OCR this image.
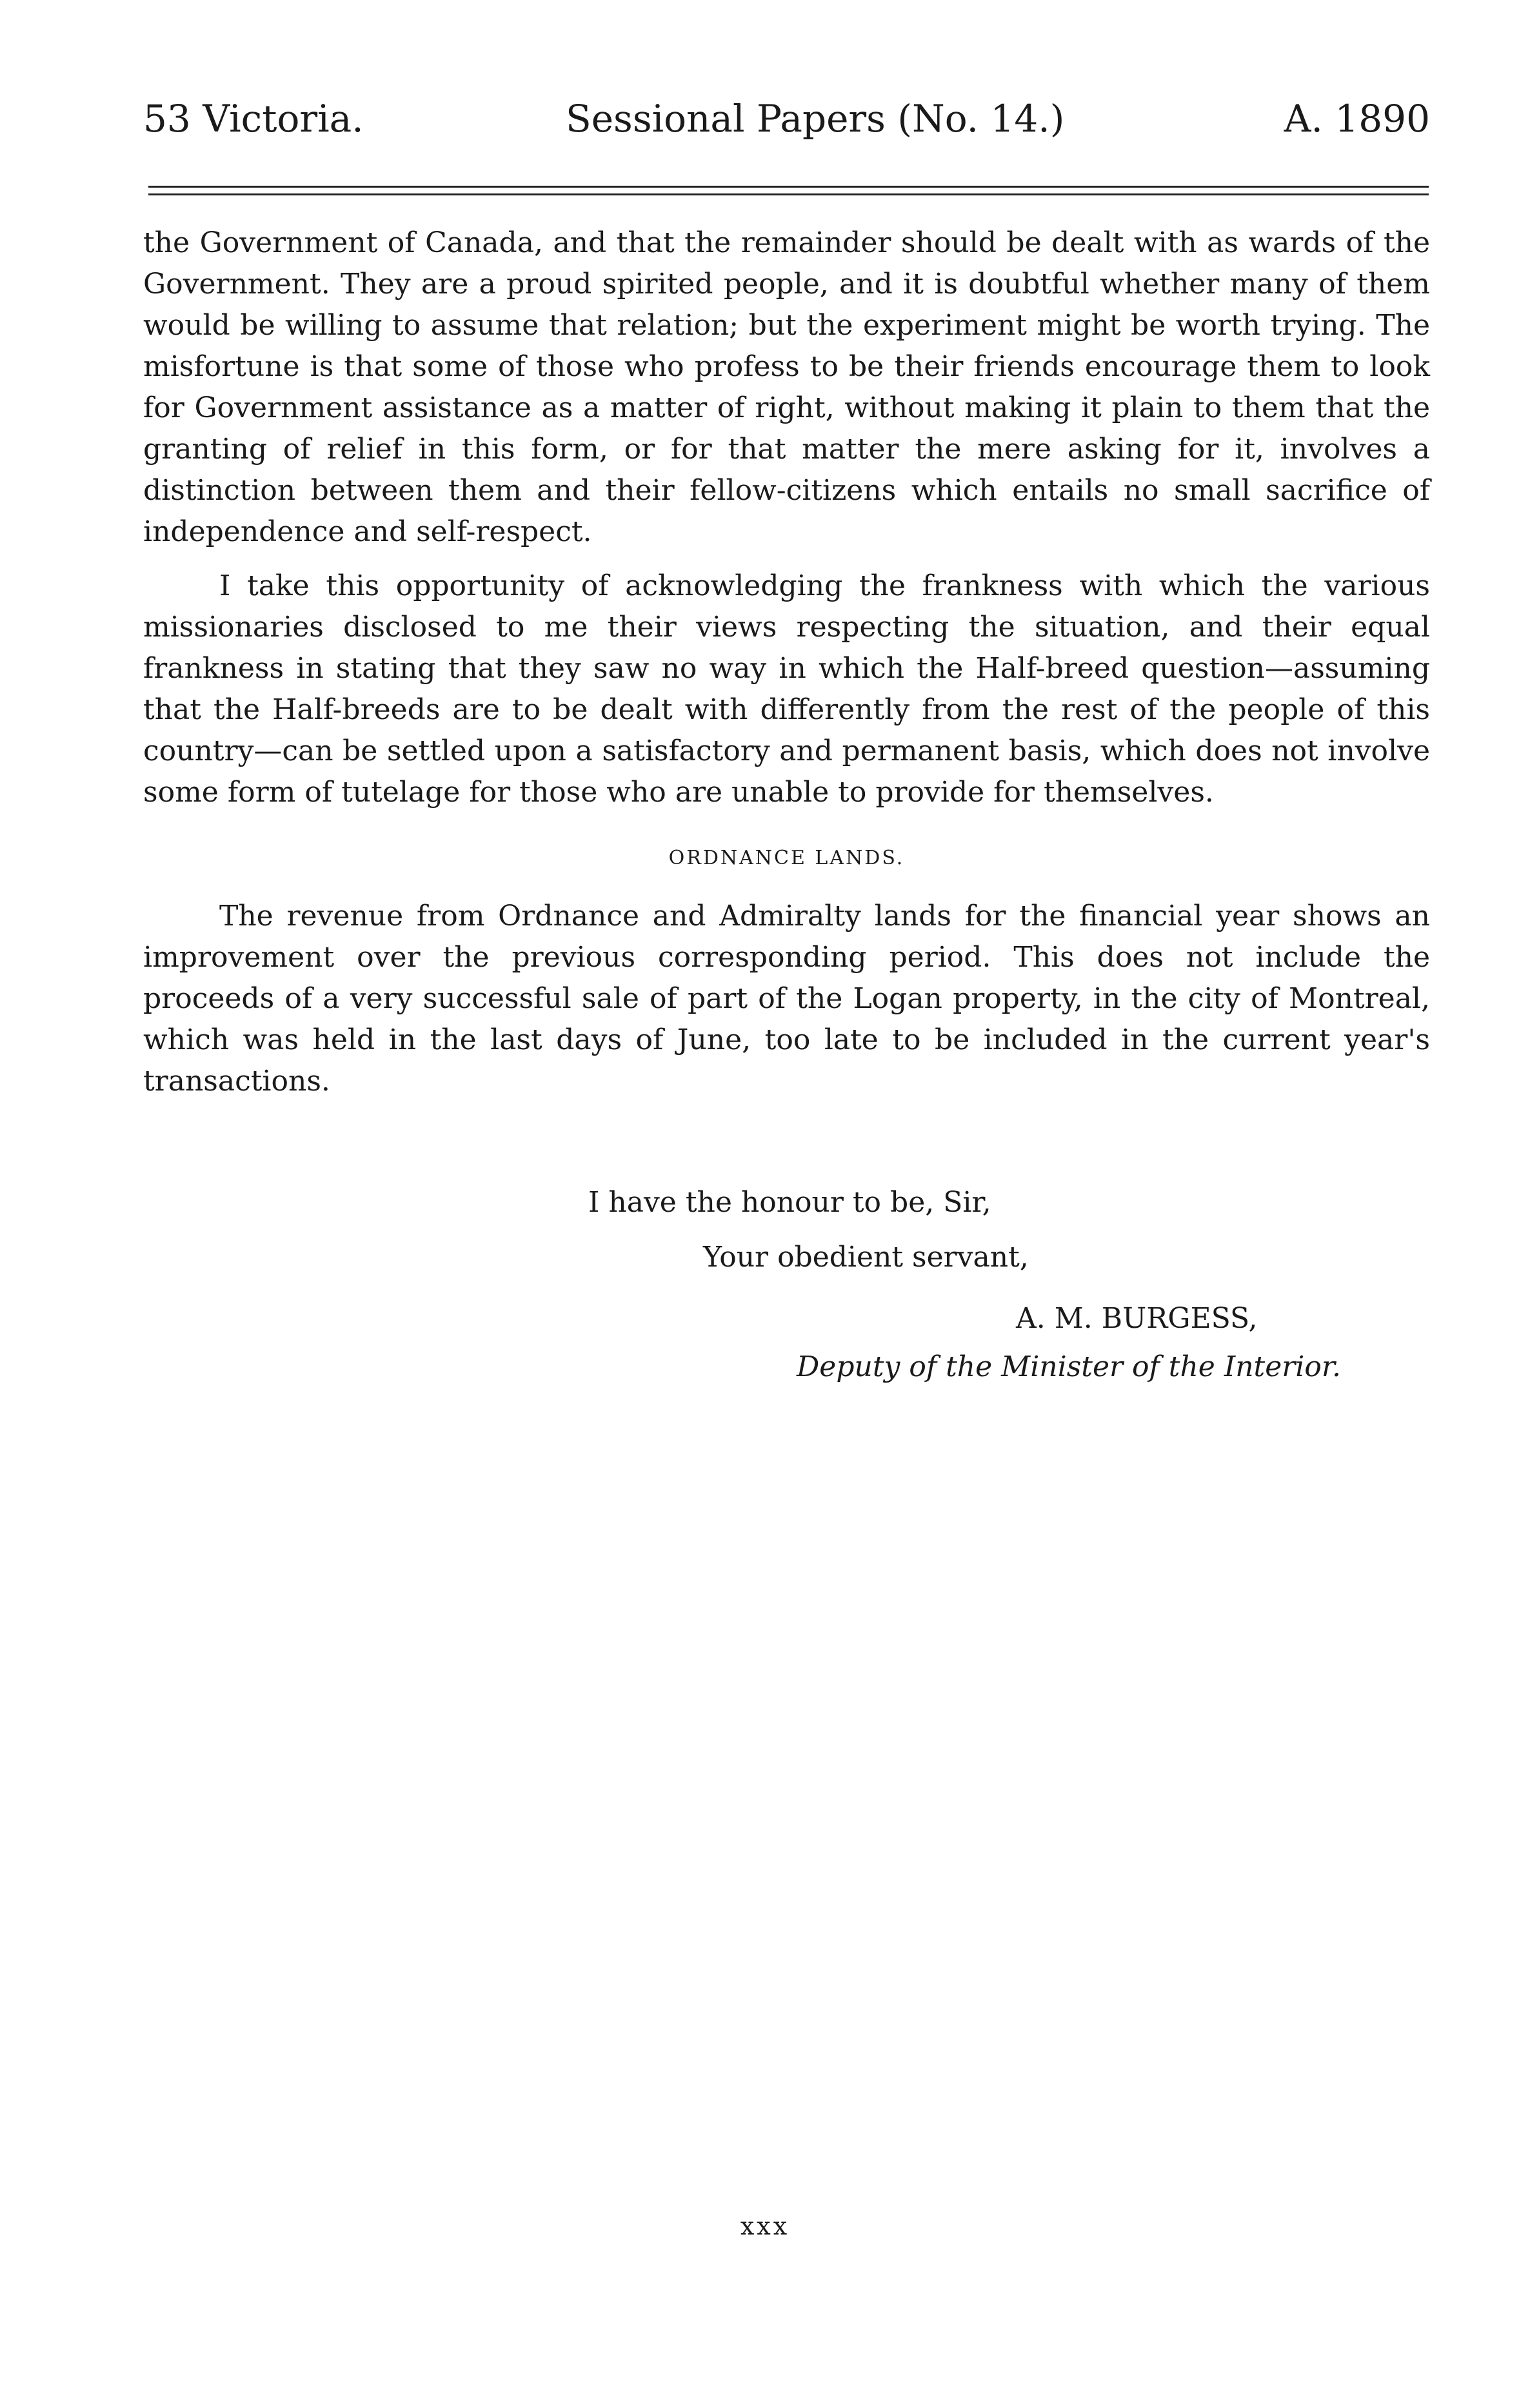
53 Victoria.	Sessional Papers (No. 14.)	A. 1890

the Government of Canada, and that the remainder should be dealt with as wards of the Government. They are a proud spirited people, and it is doubtful whether many of them would be willing to assume that relation; but the experiment might be worth trying. The misfortune is that some of those who profess to be their friends encourage them to look for Government assistance as a matter of right, without making it plain to them that the granting of relief in this form, or for that matter the mere asking for it, involves a distinction between them and their fellow-citizens which entails no small sacrifice of independence and self-respect.

I take this opportunity of acknowledging the frankness with which the various missionaries disclosed to me their views respecting the situation, and their equal frankness in stating that they saw no way in which the Half-breed question—assuming that the Half-breeds are to be dealt with differently from the rest of the people of this country—can be settled upon a satisfactory and permanent basis, which does not involve some form of tutelage for those who are unable to provide for themselves.

ORDNANCE LANDS.

The revenue from Ordnance and Admiralty lands for the financial year shows an improvement over the previous corresponding period. This does not include the proceeds of a very successful sale of part of the Logan property, in the city of Montreal, which was held in the last days of June, too late to be included in the current year's transactions.

I have the honour to be, Sir,
Your obedient servant,
A. M. BURGESS,
Deputy of the Minister of the Interior.
xxx
